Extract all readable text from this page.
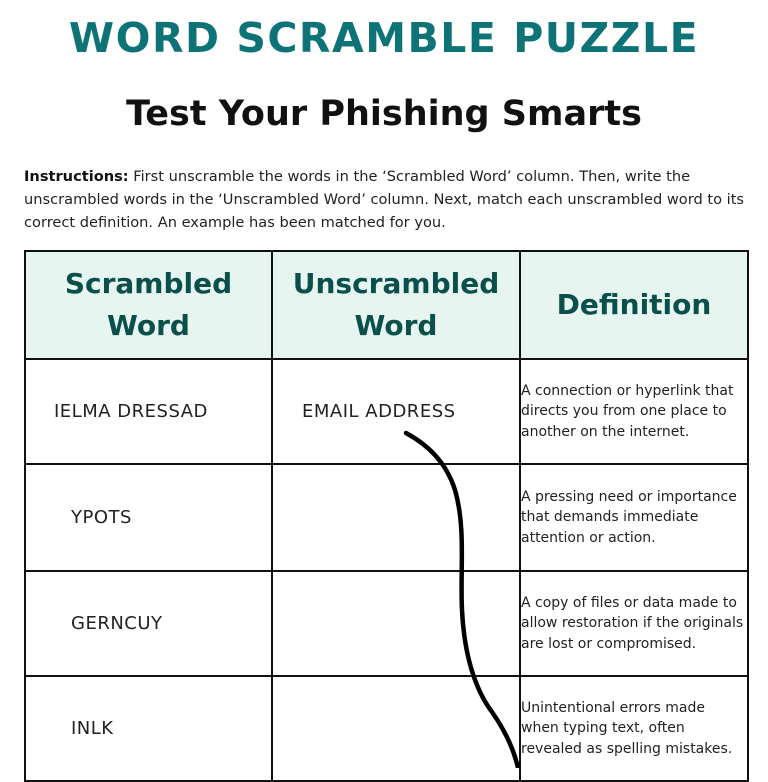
WORD SCRAMBLE PUZZLE
Test Your Phishing Smarts
Instructions: First unscramble the words in the ‘Scrambled Word’ column. Then, write the unscrambled words in the ‘Unscrambled Word’ column. Next, match each unscrambled word to its correct definition. An example has been matched for you.
Scrambled Word	Unscrambled Word	Definition

IELMA DRESSAD	EMAIL ADDRESS	A connection or hyperlink that directs you from one place to another on the internet.
YPOTS		A pressing need or importance that demands immediate attention or action.
GERNCUY		A copy of files or data made to allow restoration if the originals are lost or compromised.
INLK		Unintentional errors made when typing text, often revealed as spelling mistakes.
